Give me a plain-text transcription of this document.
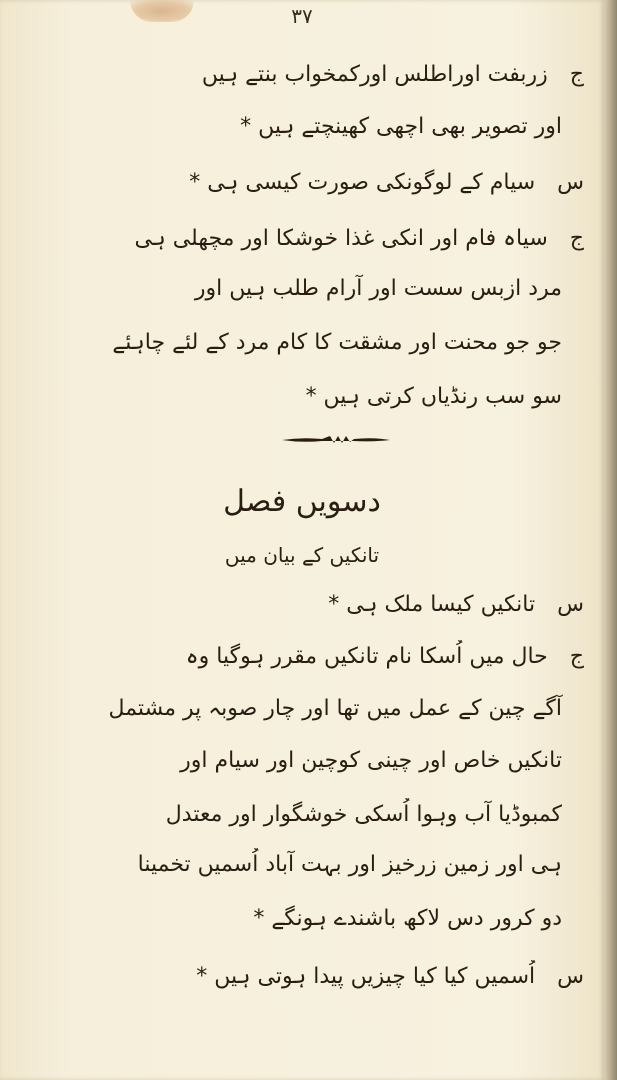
۳۷
جزربفت اوراطلس اورکمخواب بنتے ہیں
اور تصویر بھی اچھی کھینچتے ہیں *
سسیام کے لوگونکی صورت کیسی ہی *
جسیاہ فام اور انکی غذا خوشکا اور مچھلی ہی
مرد ازبس سست اور آرام طلب ہیں اور
جو جو محنت اور مشقت کا کام مرد کے لئے چاہئے
سو سب رنڈیاں کرتی ہیں *
دسویں فصل
تانکیں کے بیان میں
ستانکیں کیسا ملک ہی *
جحال میں اُسکا نام تانکیں مقرر ہوگیا وہ
آگے چین کے عمل میں تھا اور چار صوبہ پر مشتمل
تانکیں خاص اور چینی کوچین اور سیام اور
کمبوڈیا آب وہوا اُسکی خوشگوار اور معتدل
ہی اور زمین زرخیز اور بہت آباد اُسمیں تخمینا
دو کرور دس لاکھ باشندے ہونگے *
ساُسمیں کیا کیا چیزیں پیدا ہوتی ہیں *
